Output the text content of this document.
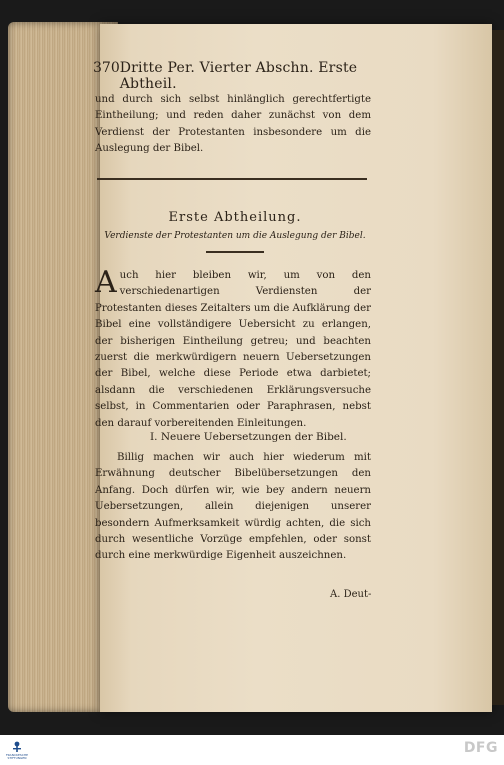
370 Dritte Per. Vierter Abschn. Erste Abtheil.
und durch sich selbst hinlänglich gerechtfertigte Eintheilung; und reden daher zunächst von dem Verdienst der Protestanten insbesondere um die Auslegung der Bibel.
Erste Abtheilung.
Verdienste der Protestanten um die Auslegung der Bibel.
Auch hier bleiben wir, um von den verschiedenartigen Verdiensten der Protestanten dieses Zeitalters um die Aufklärung der Bibel eine vollständigere Uebersicht zu erlangen, der bisherigen Eintheilung getreu; und beachten zuerst die merkwürdigern neuern Uebersetzungen der Bibel, welche diese Periode etwa darbietet; alsdann die verschiedenen Erklärungsversuche selbst, in Commentarien oder Paraphrasen, nebst den darauf vorbereitenden Einleitungen.
I. Neuere Uebersetzungen der Bibel.
Billig machen wir auch hier wiederum mit Erwähnung deutscher Bibelübersetzungen den Anfang. Doch dürfen wir, wie bey andern neuern Uebersetzungen, allein diejenigen unserer besondern Aufmerksamkeit würdig achten, die sich durch wesentliche Vorzüge empfehlen, oder sonst durch eine merkwürdige Eigenheit auszeichnen.
A. Deut-
FRANCKESCHE STIFTUNGEN
DFG
